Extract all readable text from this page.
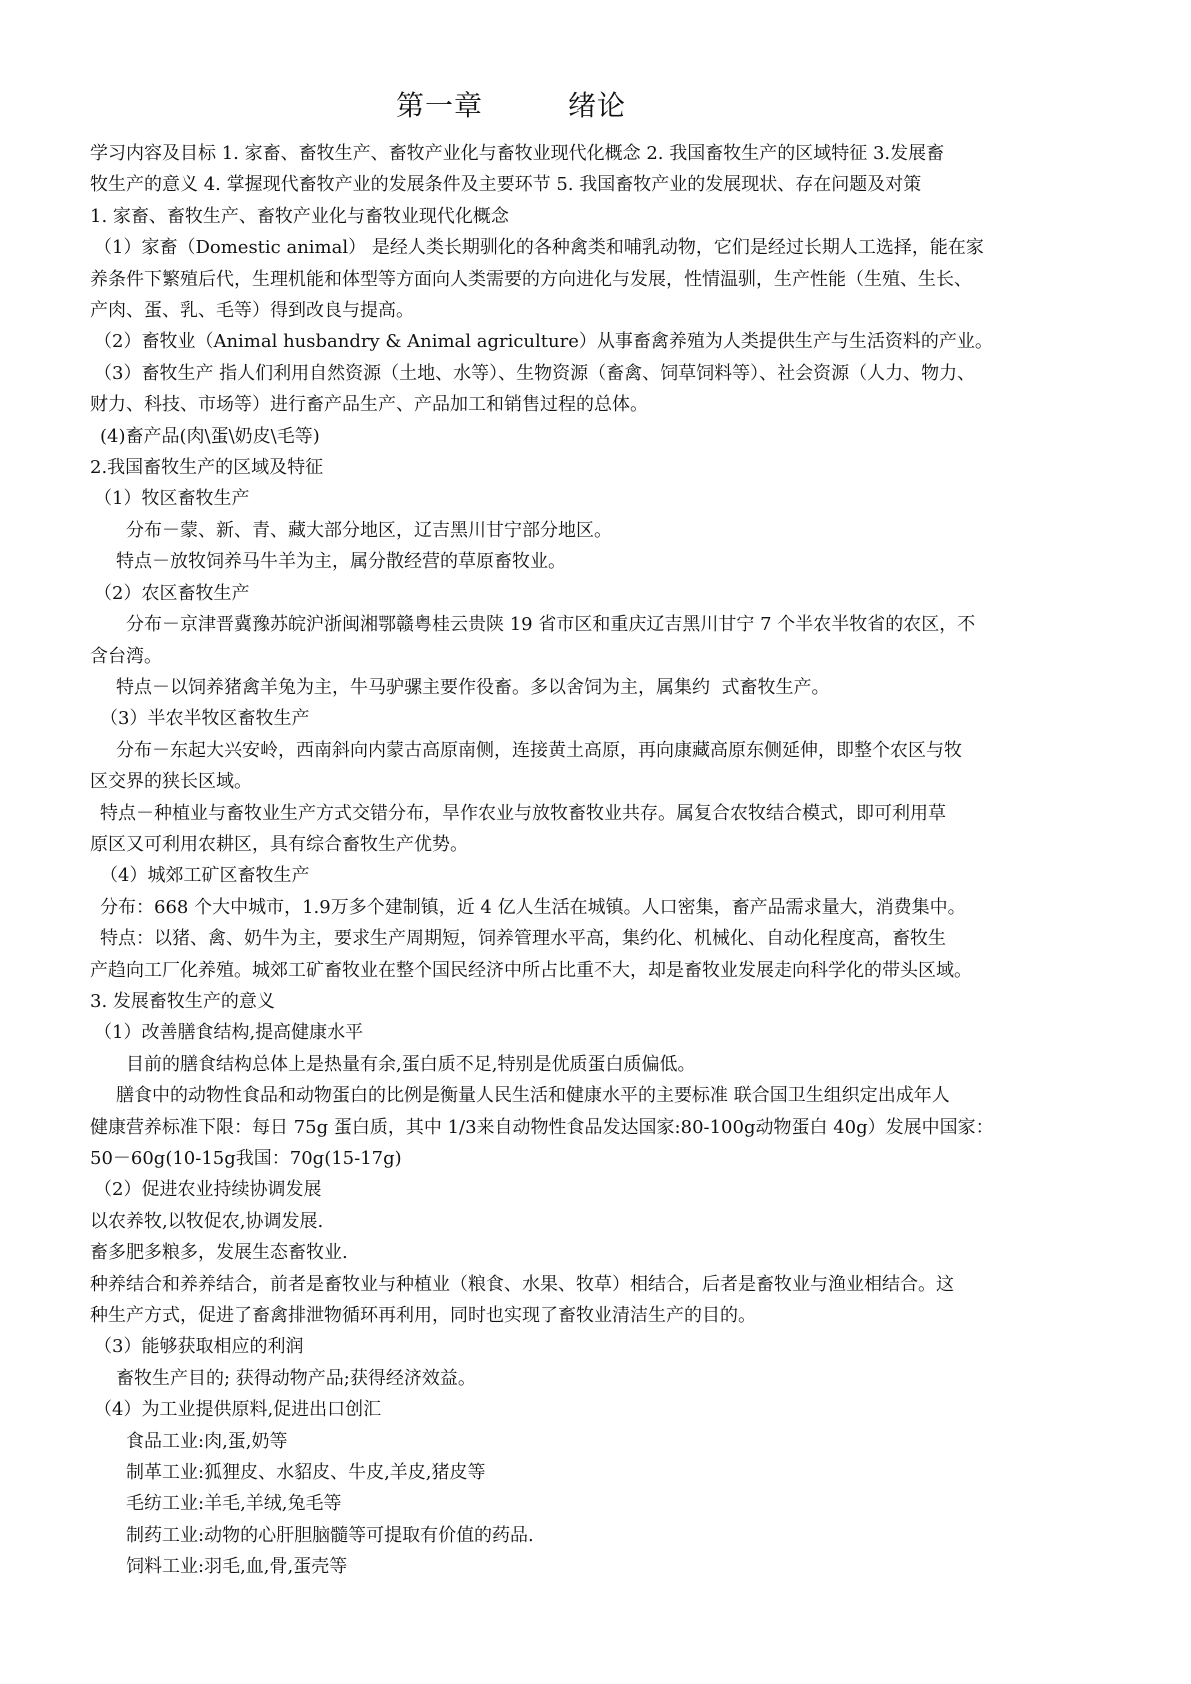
第一章	绪论
学习内容及目标 1. 家畜、畜牧生产、畜牧产业化与畜牧业现代化概念 2. 我国畜牧生产的区域特征 3.发展畜
牧生产的意义 4. 掌握现代畜牧产业的发展条件及主要环节 5. 我国畜牧产业的发展现状、存在问题及对策
1. 家畜、畜牧生产、畜牧产业化与畜牧业现代化概念
（1）家畜（Domestic animal） 是经人类长期驯化的各种禽类和哺乳动物，它们是经过长期人工选择，能在家
养条件下繁殖后代，生理机能和体型等方面向人类需要的方向进化与发展，性情温驯，生产性能（生殖、生长、
产肉、蛋、乳、毛等）得到改良与提高。
（2）畜牧业（Animal husbandry & Animal agriculture）从事畜禽养殖为人类提供生产与生活资料的产业。
（3）畜牧生产 指人们利用自然资源（土地、水等）、生物资源（畜禽、饲草饲料等）、社会资源（人力、物力、
财力、科技、市场等）进行畜产品生产、产品加工和销售过程的总体。
(4)畜产品(肉\蛋\奶皮\毛等)
2.我国畜牧生产的区域及特征
（1）牧区畜牧生产
分布－蒙、新、青、藏大部分地区，辽吉黑川甘宁部分地区。
特点－放牧饲养马牛羊为主，属分散经营的草原畜牧业。
（2）农区畜牧生产
分布－京津晋冀豫苏皖沪浙闽湘鄂赣粤桂云贵陕 19 省市区和重庆辽吉黑川甘宁 7 个半农半牧省的农区，不
含台湾。
特点－以饲养猪禽羊兔为主，牛马驴骡主要作役畜。多以舍饲为主，属集约  式畜牧生产。
（3）半农半牧区畜牧生产
分布－东起大兴安岭，西南斜向内蒙古高原南侧，连接黄土高原，再向康藏高原东侧延伸，即整个农区与牧
区交界的狭长区域。
特点－种植业与畜牧业生产方式交错分布，旱作农业与放牧畜牧业共存。属复合农牧结合模式，即可利用草
原区又可利用农耕区，具有综合畜牧生产优势。
（4）城郊工矿区畜牧生产
分布：668 个大中城市，1.9万多个建制镇，近 4 亿人生活在城镇。人口密集，畜产品需求量大，消费集中。
特点：以猪、禽、奶牛为主，要求生产周期短，饲养管理水平高，集约化、机械化、自动化程度高，畜牧生
产趋向工厂化养殖。城郊工矿畜牧业在整个国民经济中所占比重不大，却是畜牧业发展走向科学化的带头区域。
3. 发展畜牧生产的意义
（1）改善膳食结构,提高健康水平
目前的膳食结构总体上是热量有余,蛋白质不足,特别是优质蛋白质偏低。
膳食中的动物性食品和动物蛋白的比例是衡量人民生活和健康水平的主要标准 联合国卫生组织定出成年人
健康营养标准下限：每日 75g 蛋白质，其中 1/3来自动物性食品发达国家:80-100g动物蛋白 40g）发展中国家：
50－60g(10-15g我国：70g(15-17g)
（2）促进农业持续协调发展
以农养牧,以牧促农,协调发展.
畜多肥多粮多，发展生态畜牧业.
种养结合和养养结合，前者是畜牧业与种植业（粮食、水果、牧草）相结合，后者是畜牧业与渔业相结合。这
种生产方式，促进了畜禽排泄物循环再利用，同时也实现了畜牧业清洁生产的目的。
（3）能够获取相应的利润
畜牧生产目的; 获得动物产品;获得经济效益。
（4）为工业提供原料,促进出口创汇
食品工业:肉,蛋,奶等
制革工业:狐狸皮、水貂皮、牛皮,羊皮,猪皮等
毛纺工业:羊毛,羊绒,兔毛等
制药工业:动物的心肝胆脑髓等可提取有价值的药品.
饲料工业:羽毛,血,骨,蛋壳等
